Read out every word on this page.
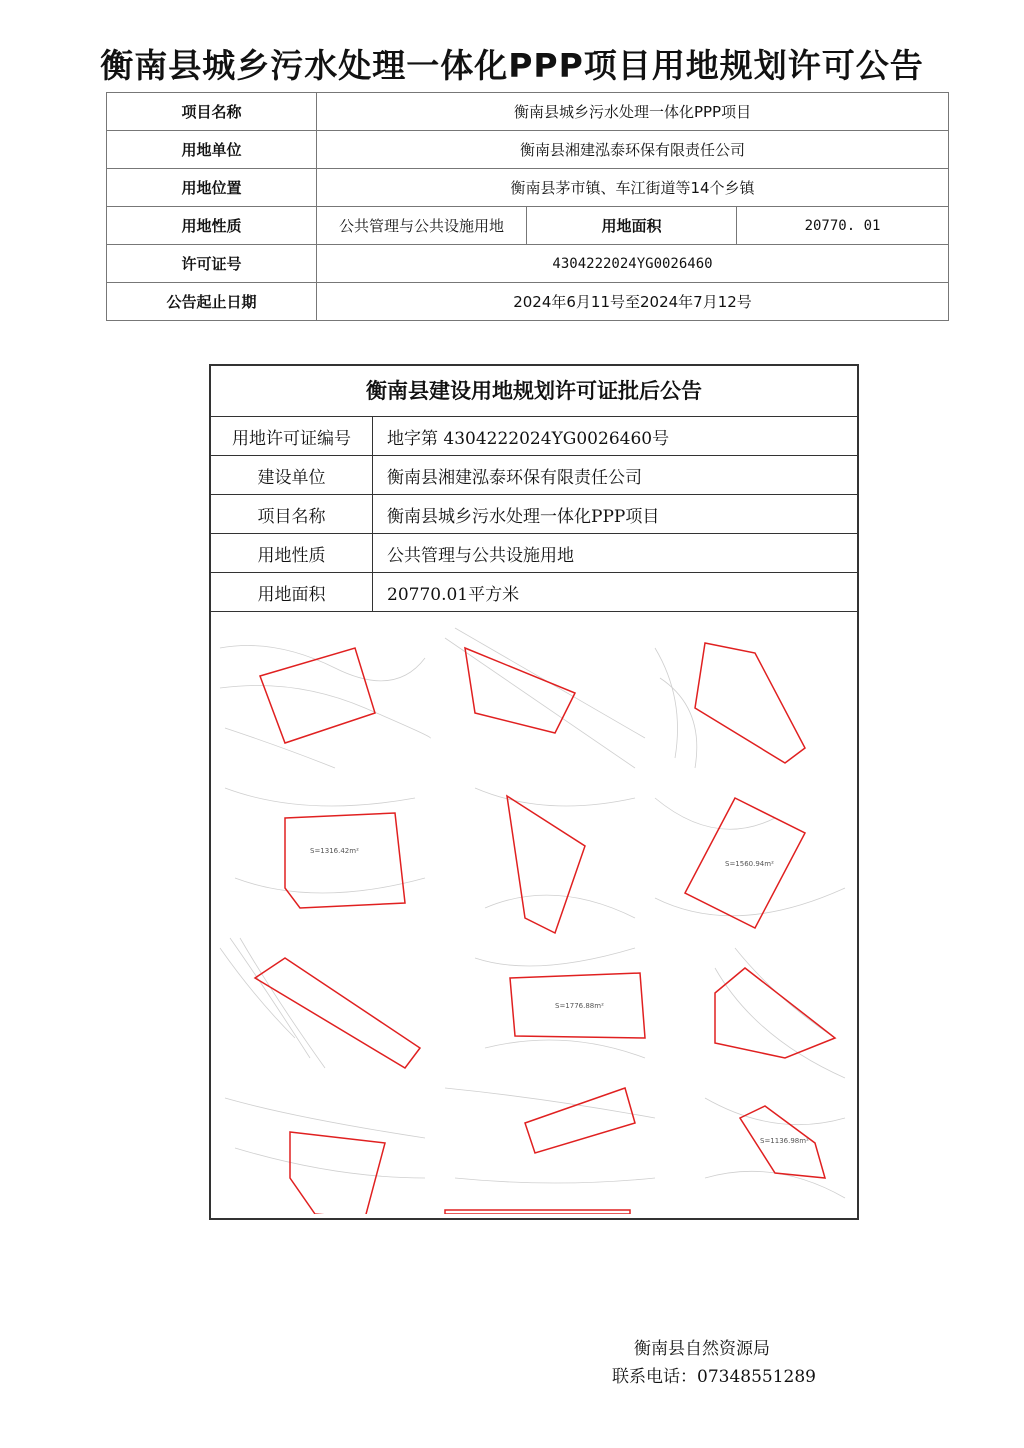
衡南县城乡污水处理一体化PPP项目用地规划许可公告
项目名称	衡南县城乡污水处理一体化PPP项目		
用地单位	衡南县湘建泓泰环保有限责任公司		
用地位置	衡南县茅市镇、车江街道等14个乡镇		
用地性质	公共管理与公共设施用地	用地面积	20770. 01
许可证号	4304222024YG0026460		
公告起止日期	2024年6月11号至2024年7月12号		
衡南县建设用地规划许可证批后公告
用地许可证编号	地字第 4304222024YG0026460号
建设单位	衡南县湘建泓泰环保有限责任公司
项目名称	衡南县城乡污水处理一体化PPP项目
用地性质	公共管理与公共设施用地
用地面积	20770.01平方米
S=1316.42m²
S=1560.94m²
S=1776.88m²
S=1136.98m²
衡南县自然资源局
联系电话：07348551289
